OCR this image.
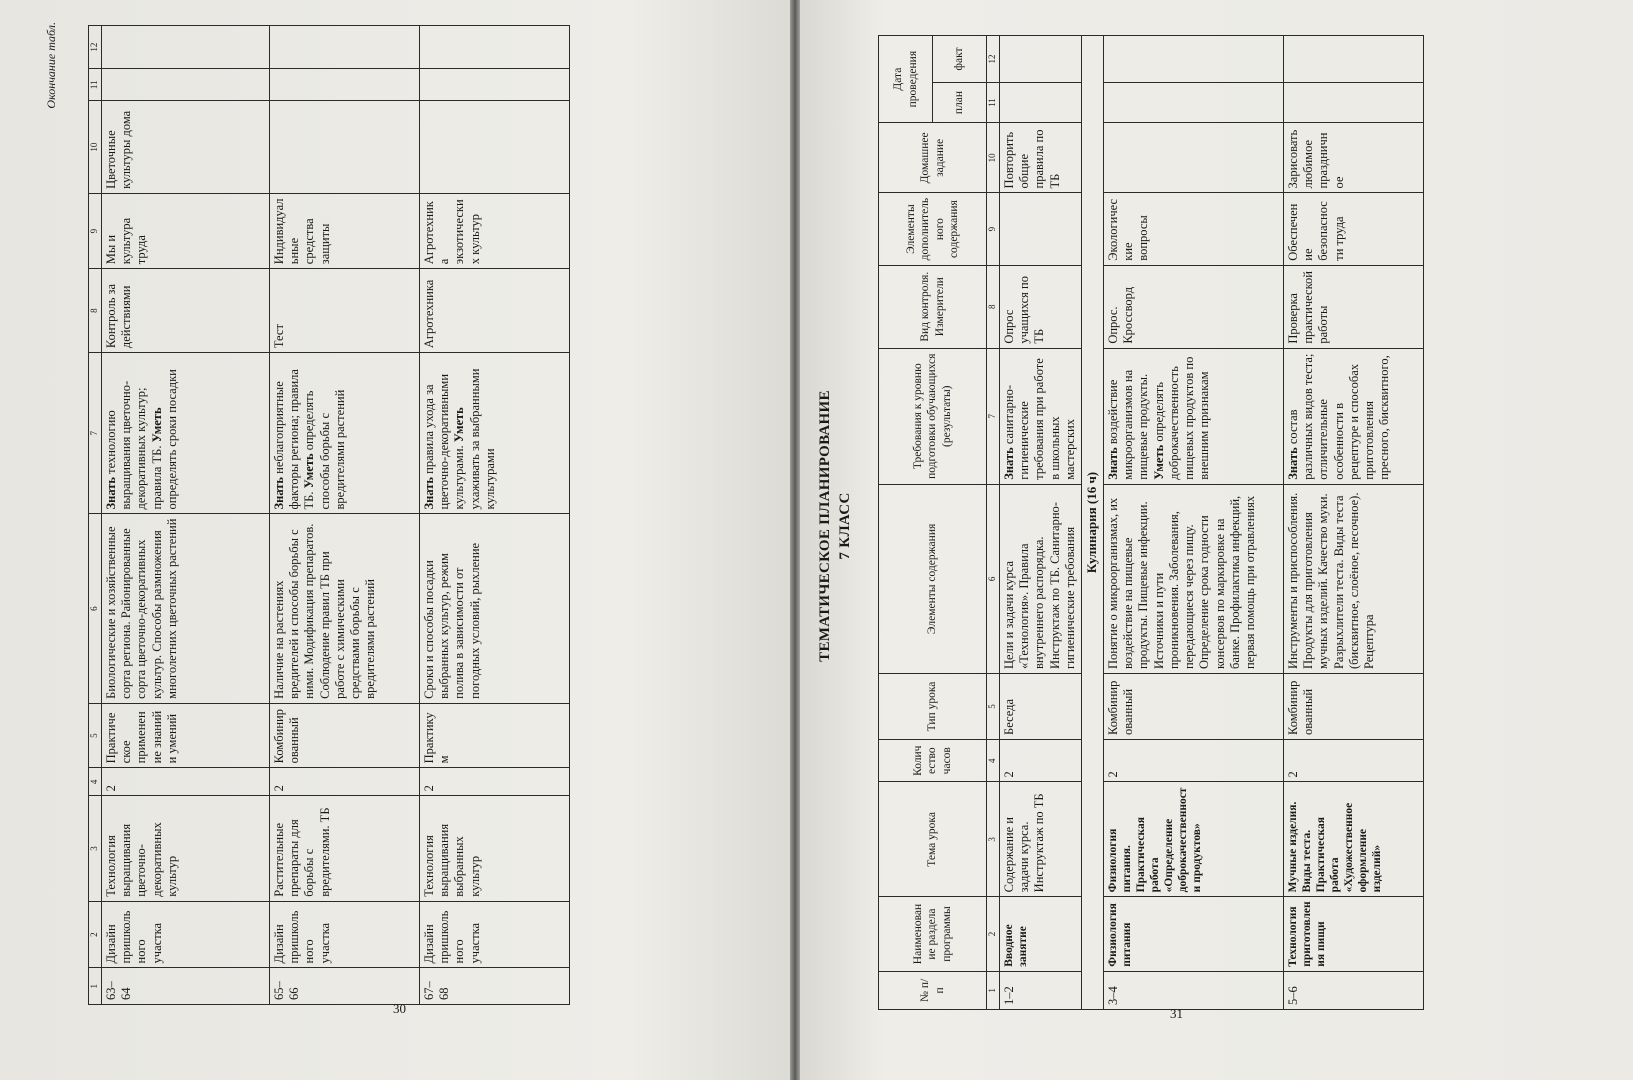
Окончание табл.
1	2	3	4	5	6	7	8	9	10	11	12
63–64	Дизайн пришкольного участка	Технология выращивания цветочно-декоративных культур	2	Практическое применение знаний и умений	Биологические и хозяйственные сорта региона. Районированные сорта цветочно-декоративных культур. Способы размножения многолетних цветочных растений	Знать технологию выращивания цветочно-декоративных культур; правила ТБ. Уметь определять сроки посадки	Контроль за действиями	Мы и культура труда	Цветочные культуры дома		
65–66	Дизайн пришкольного участка	Растительные препараты для борьбы с вредителями. ТБ	2	Комбинированный	Наличие на растениях вредителей и способы борьбы с ними. Модификация препаратов. Соблюдение правил ТБ при работе с химическими средствами борьбы с вредителями растений	Знать неблагоприятные факторы региона; правила ТБ. Уметь определять способы борьбы с вредителями растений	Тест	Индивидуальные средства защиты			
67–68	Дизайн пришкольного участка	Технология выращивания выбранных культур	2	Практикум	Сроки и способы посадки выбранных культур, режим полива в зависимости от погодных условий, рыхление	Знать правила ухода за цветочно-декоративными культурами. Уметь ухаживать за выбранными культурами	Агротехника	Агротехника экзотических культур			
30
ТЕМАТИЧЕСКОЕ ПЛАНИРОВАНИЕ 7 КЛАСС
№ п/п	Наименование раздела программы	Тема урока	Количество часов	Тип урока	Элементы содержания	Требования к уровню подготовки обучающихся (результаты)	Вид контроля. Измерители	Элементы дополнительного содержания	Домашнее задание	Дата проведения	
										план	факт
1	2	3	4	5	6	7	8	9	10	11	12
1–2	Вводное занятие	Содержание и задачи курса. Инструктаж по ТБ	2	Беседа	Цели и задачи курса «Технология». Правила внутреннего распорядка. Инструктаж по ТБ. Санитарно-гигиенические требования	Знать санитарно-гигиенические требования при работе в школьных мастерских	Опрос учащихся по ТБ		Повторить общие правила по ТБ		
Кулинария (16 ч)											
3–4	Физиология питания	Физиология питания. Практическая работа «Определение доброкачественности продуктов»	2	Комбинированный	Понятие о микроорганизмах, их воздействие на пищевые продукты. Пищевые инфекции. Источники и пути проникновения. Заболевания, передающиеся через пищу. Определение срока годности консервов по маркировке на банке. Профилактика инфекций, первая помощь при отравлениях	Знать воздействие микроорганизмов на пищевые продукты. Уметь определять доброкачественность пищевых продуктов по внешним признакам	Опрос. Кроссворд	Экологические вопросы			
5–6	Технология приготовления пищи	Мучные изделия. Виды теста. Практическая работа «Художественное оформление изделий»	2	Комбинированный	Инструменты и приспособления. Продукты для приготовления мучных изделий. Качество муки. Разрыхлители теста. Виды теста (бисквитное, слоёное, песочное). Рецептура	Знать состав различных видов теста; отличительные особенности в рецептуре и способах приготовления пресного, бисквитного,	Проверка практической работы	Обеспечение безопасности труда	Зарисовать любимое праздничное		
31
